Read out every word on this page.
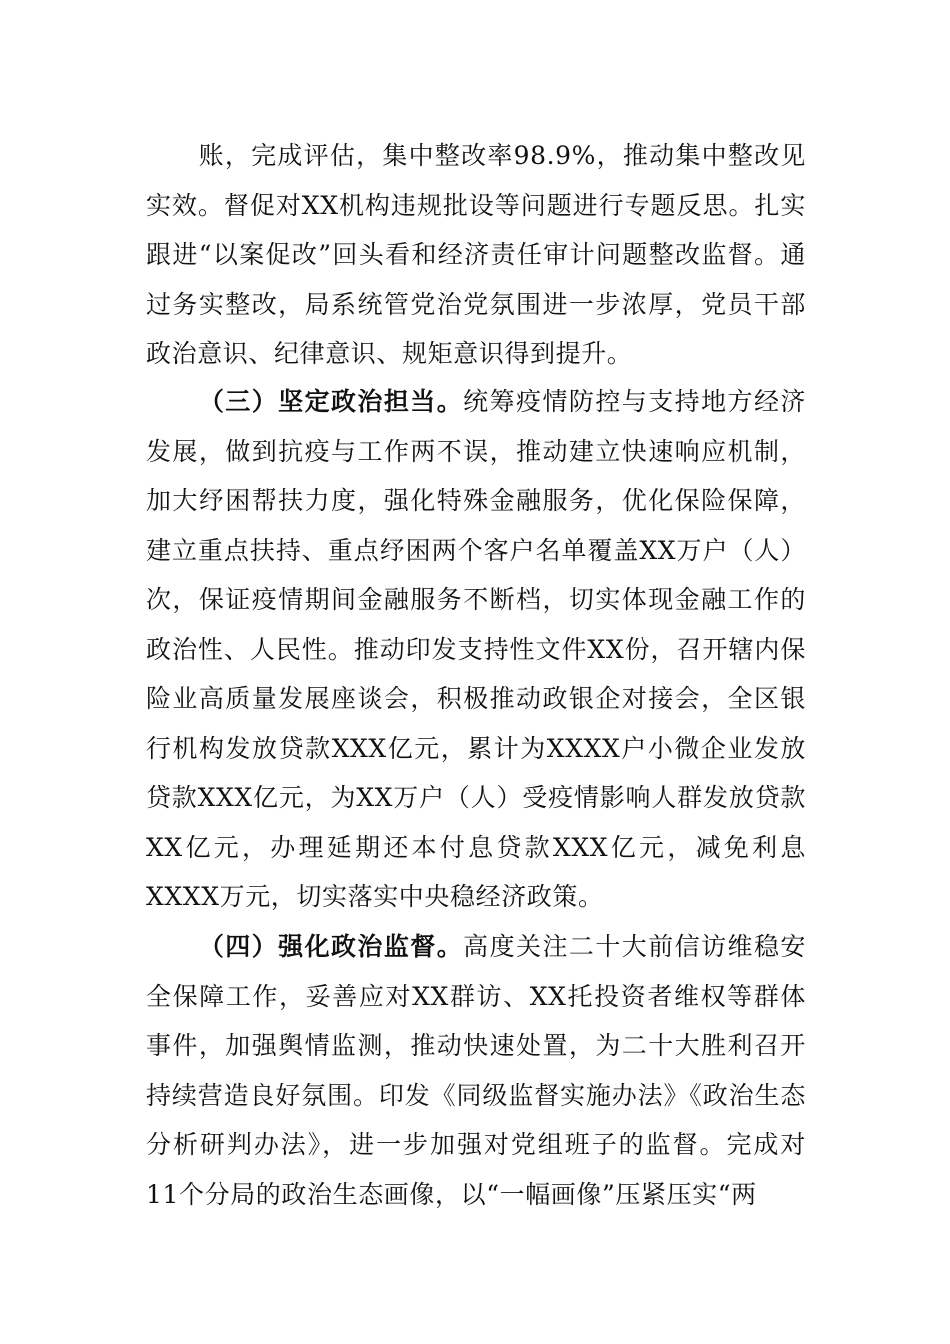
账，完成评估，集中整改率98.9%，推动集中整改见实效。督促对XX机构违规批设等问题进行专题反思。扎实跟进“以案促改”回头看和经济责任审计问题整改监督。通过务实整改，局系统管党治党氛围进一步浓厚，党员干部政治意识、纪律意识、规矩意识得到提升。

（三）坚定政治担当。统筹疫情防控与支持地方经济发展，做到抗疫与工作两不误，推动建立快速响应机制，加大纾困帮扶力度，强化特殊金融服务，优化保险保障，建立重点扶持、重点纾困两个客户名单覆盖XX万户（人）次，保证疫情期间金融服务不断档，切实体现金融工作的政治性、人民性。推动印发支持性文件XX份，召开辖内保险业高质量发展座谈会，积极推动政银企对接会，全区银行机构发放贷款XXX亿元，累计为XXXX户小微企业发放贷款XXX亿元，为XX万户（人）受疫情影响人群发放贷款XX亿元，办理延期还本付息贷款XXX亿元，减免利息XXXX万元，切实落实中央稳经济政策。

（四）强化政治监督。高度关注二十大前信访维稳安全保障工作，妥善应对XX群访、XX托投资者维权等群体事件，加强舆情监测，推动快速处置，为二十大胜利召开持续营造良好氛围。印发《同级监督实施办法》《政治生态分析研判办法》，进一步加强对党组班子的监督。完成对11个分局的政治生态画像，以“一幅画像”压紧压实“两
